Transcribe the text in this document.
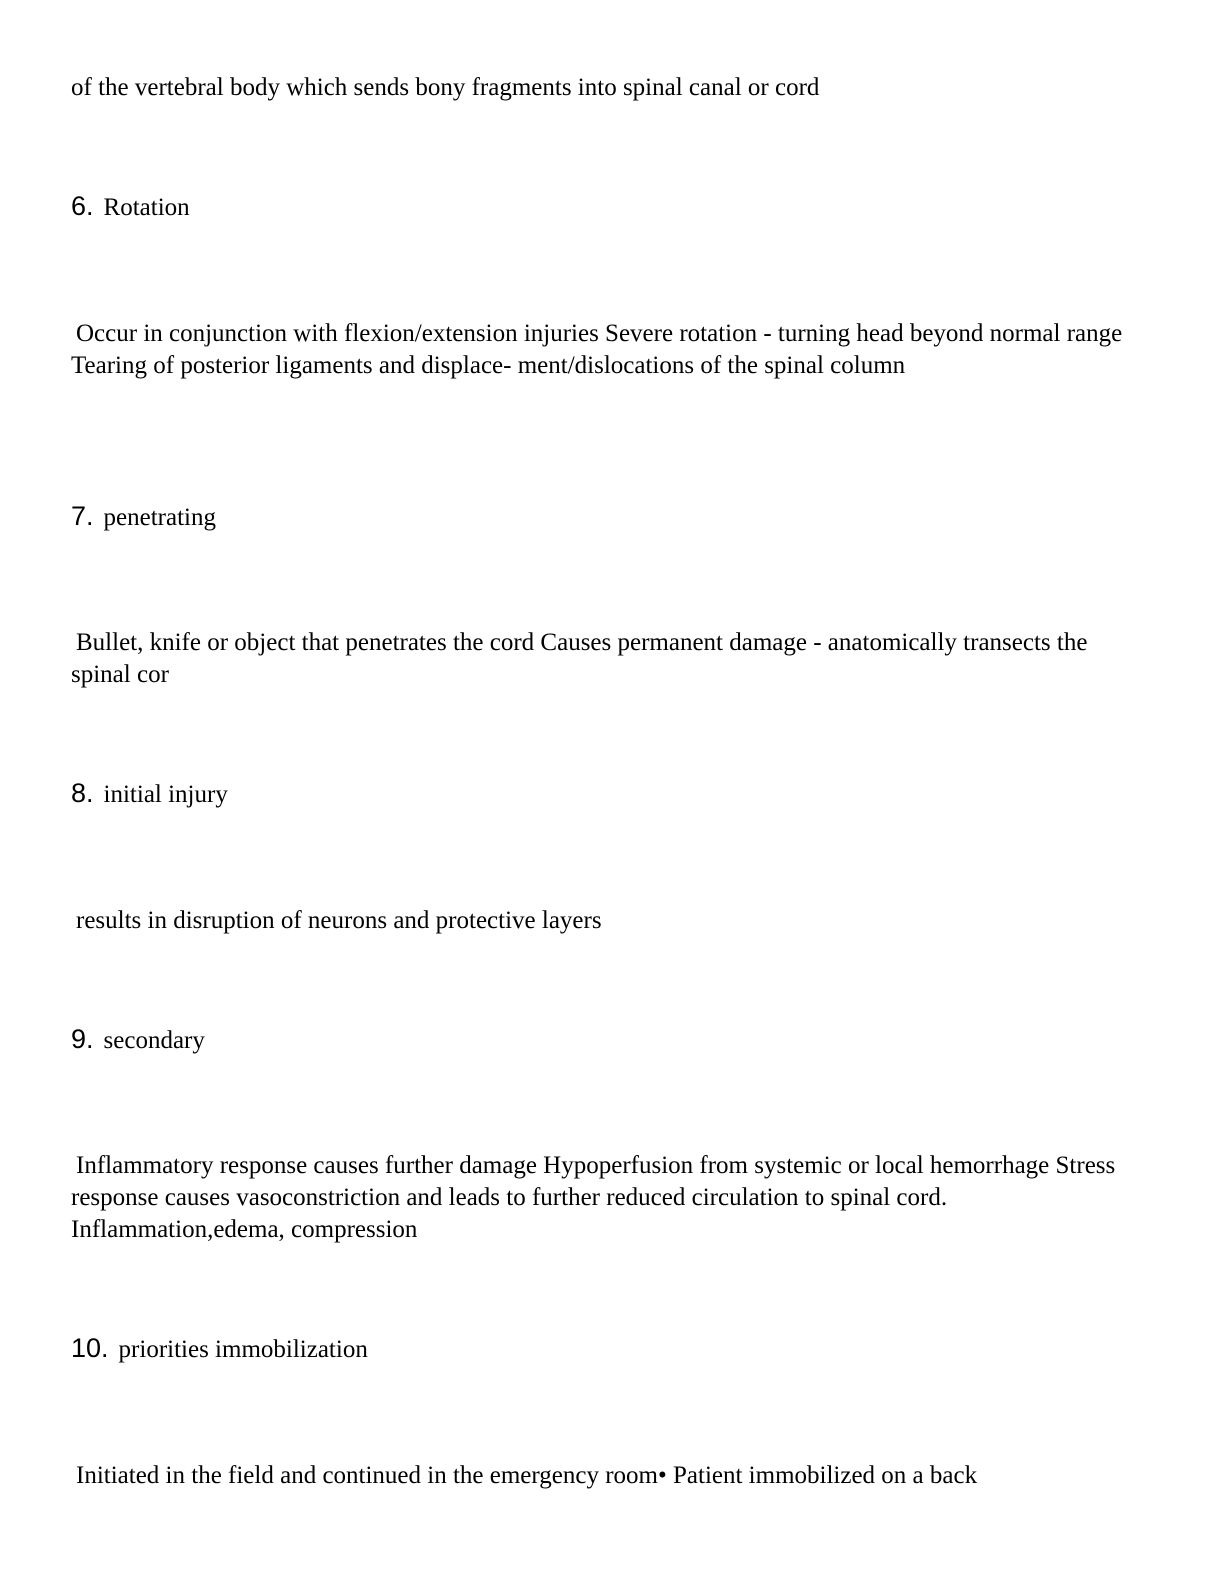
of the vertebral body which sends bony fragments into spinal canal or cord
6. Rotation
Occur in conjunction with flexion/extension injuries Severe rotation - turning head beyond normal range Tearing of posterior ligaments and displace- ment/dislocations of the spinal column
7. penetrating
Bullet, knife or object that penetrates the cord Causes permanent damage - anatomically transects the spinal cor
8. initial injury
results in disruption of neurons and protective layers
9. secondary
Inflammatory response causes further damage Hypoperfusion from systemic or local hemorrhage Stress response causes vasoconstriction and leads to further reduced circulation to spinal cord. Inflammation,edema, compression
10. priorities immobilization
Initiated in the field and continued in the emergency room• Patient immobilized on a back
